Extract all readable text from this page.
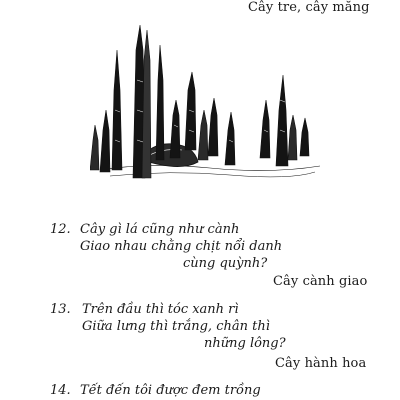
Cây tre, cây măng
12. Cây gì lá cũng như cành
Giao nhau chằng chịt nổi danh
cùng quỳnh?
Cây cành giao
13. Trên đầu thì tóc xanh rì
Giữa lưng thì trắng, chân thì
những lông?
Cây hành hoa
14. Tết đến tôi được đem trồng
